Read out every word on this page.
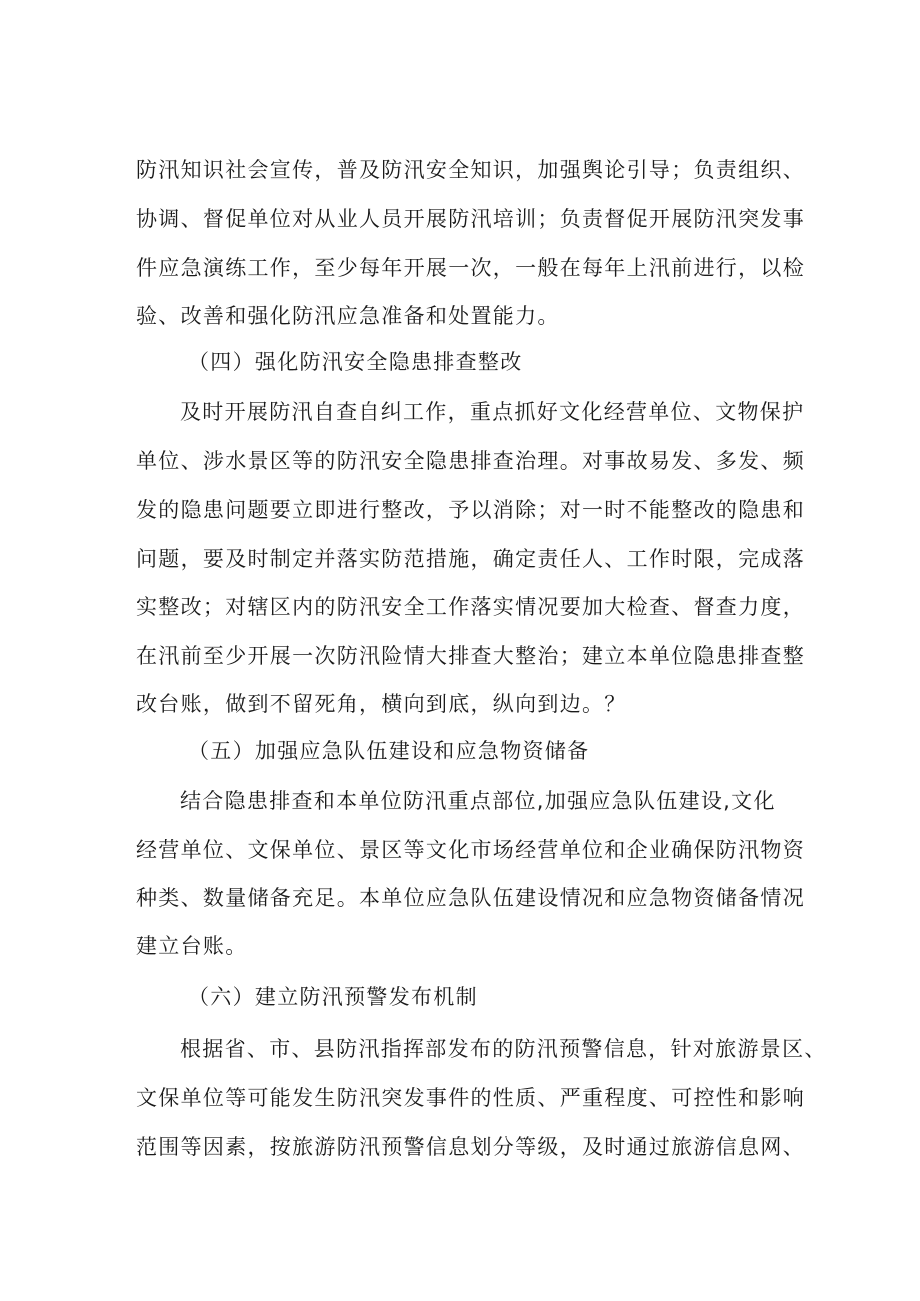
防汛知识社会宣传，普及防汛安全知识，加强舆论引导；负责组织、
协调、督促单位对从业人员开展防汛培训；负责督促开展防汛突发事
件应急演练工作，至少每年开展一次，一般在每年上汛前进行，以检
验、改善和强化防汛应急准备和处置能力。
（四）强化防汛安全隐患排查整改
及时开展防汛自查自纠工作，重点抓好文化经营单位、文物保护
单位、涉水景区等的防汛安全隐患排查治理。对事故易发、多发、频
发的隐患问题要立即进行整改，予以消除；对一时不能整改的隐患和
问题，要及时制定并落实防范措施，确定责任人、工作时限，完成落
实整改；对辖区内的防汛安全工作落实情况要加大检查、督查力度，
在汛前至少开展一次防汛险情大排查大整治；建立本单位隐患排查整
改台账，做到不留死角，横向到底，纵向到边。？
（五）加强应急队伍建设和应急物资储备
结合隐患排查和本单位防汛重点部位,加强应急队伍建设,文化
经营单位、文保单位、景区等文化市场经营单位和企业确保防汛物资
种类、数量储备充足。本单位应急队伍建设情况和应急物资储备情况
建立台账。
（六）建立防汛预警发布机制
根据省、市、县防汛指挥部发布的防汛预警信息，针对旅游景区、
文保单位等可能发生防汛突发事件的性质、严重程度、可控性和影响
范围等因素，按旅游防汛预警信息划分等级，及时通过旅游信息网、
